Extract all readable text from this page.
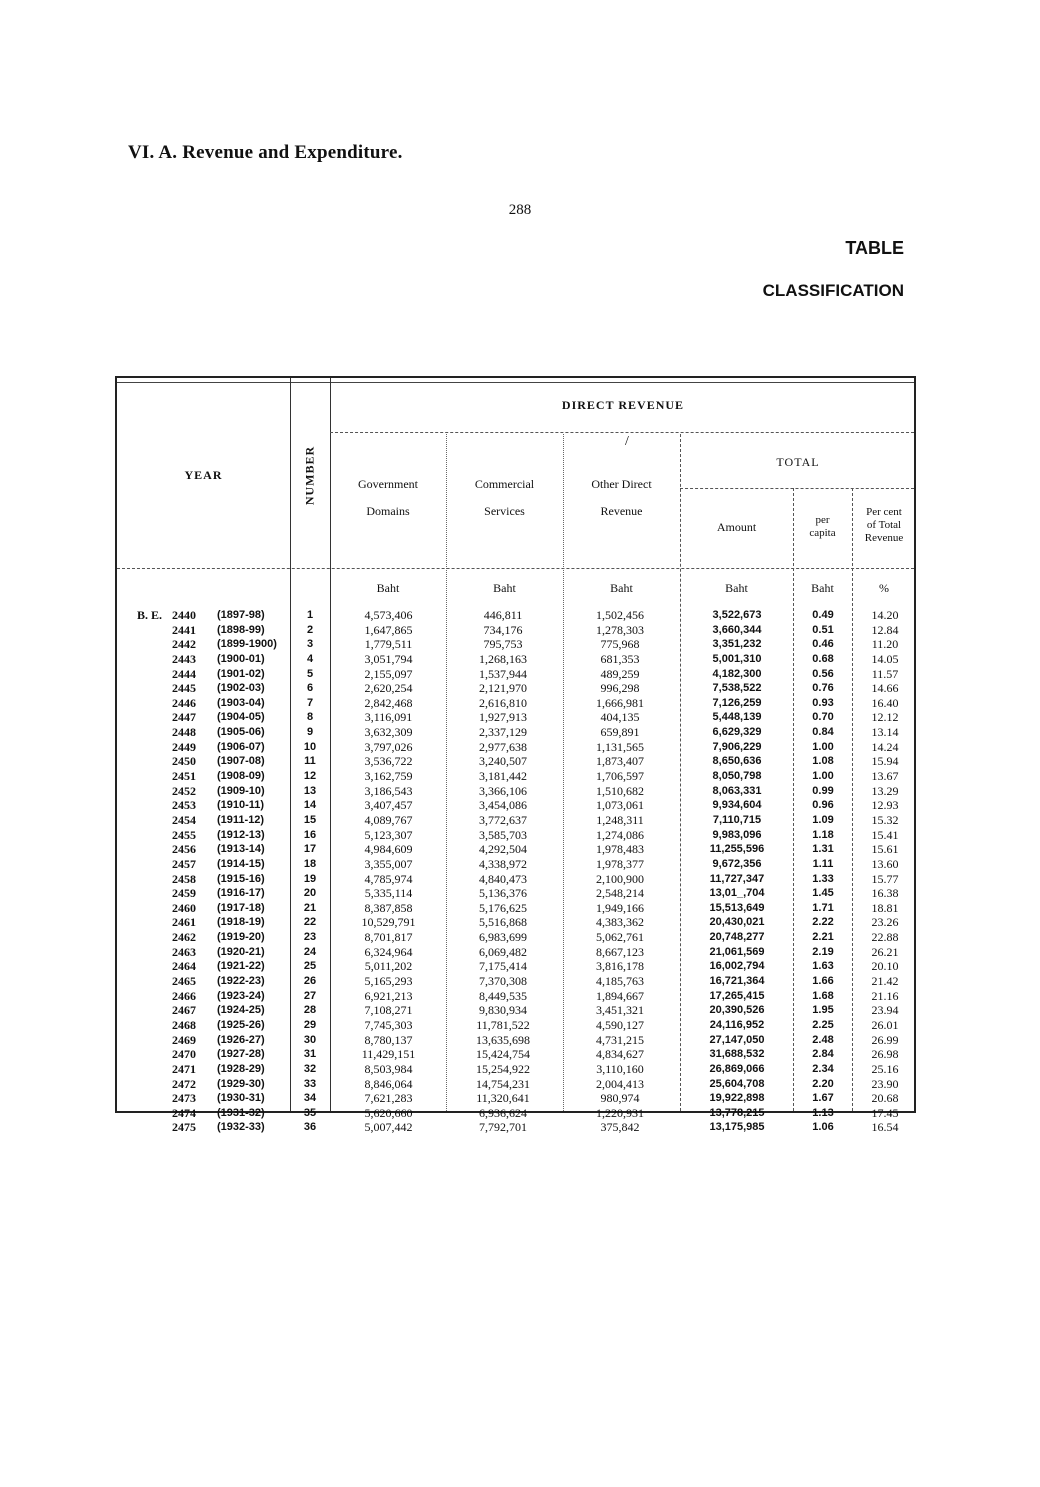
VI. A. Revenue and Expenditure.
288
TABLE
CLASSIFICATION
DIRECT REVENUE
YEAR	NUMBER
/
Government
Domains
Commercial
Services
Other Direct
Revenue
TOTAL
Amount	per
capita
Per cent
of Total
Revenue
Baht	Baht	Baht	Baht	Baht	%
B. E. 2440 (1897-98)	1	4,573,406	446,811	1,502,456	3,522,673	0.49	14.20
2441 (1898-99)	2	1,647,865	734,176	1,278,303	3,660,344	0.51	12.84
2442 (1899-1900)	3	1,779,511	795,753	775,968	3,351,232	0.46	11.20
2443 (1900-01)	4	3,051,794	1,268,163	681,353	5,001,310	0.68	14.05
2444 (1901-02)	5	2,155,097	1,537,944	489,259	4,182,300	0.56	11.57
2445 (1902-03)	6	2,620,254	2,121,970	996,298	7,538,522	0.76	14.66
2446 (1903-04)	7	2,842,468	2,616,810	1,666,981	7,126,259	0.93	16.40
2447 (1904-05)	8	3,116,091	1,927,913	404,135	5,448,139	0.70	12.12
2448 (1905-06)	9	3,632,309	2,337,129	659,891	6,629,329	0.84	13.14
2449 (1906-07)	10	3,797,026	2,977,638	1,131,565	7,906,229	1.00	14.24
2450 (1907-08)	11	3,536,722	3,240,507	1,873,407	8,650,636	1.08	15.94
2451 (1908-09)	12	3,162,759	3,181,442	1,706,597	8,050,798	1.00	13.67
2452 (1909-10)	13	3,186,543	3,366,106	1,510,682	8,063,331	0.99	13.29
2453 (1910-11)	14	3,407,457	3,454,086	1,073,061	9,934,604	0.96	12.93
2454 (1911-12)	15	4,089,767	3,772,637	1,248,311	7,110,715	1.09	15.32
2455 (1912-13)	16	5,123,307	3,585,703	1,274,086	9,983,096	1.18	15.41
2456 (1913-14)	17	4,984,609	4,292,504	1,978,483	11,255,596	1.31	15.61
2457 (1914-15)	18	3,355,007	4,338,972	1,978,377	9,672,356	1.11	13.60
2458 (1915-16)	19	4,785,974	4,840,473	2,100,900	11,727,347	1.33	15.77
2459 (1916-17)	20	5,335,114	5,136,376	2,548,214	13,01_,704	1.45	16.38
2460 (1917-18)	21	8,387,858	5,176,625	1,949,166	15,513,649	1.71	18.81
2461 (1918-19)	22	10,529,791	5,516,868	4,383,362	20,430,021	2.22	23.26
2462 (1919-20)	23	8,701,817	6,983,699	5,062,761	20,748,277	2.21	22.88
2463 (1920-21)	24	6,324,964	6,069,482	8,667,123	21,061,569	2.19	26.21
2464 (1921-22)	25	5,011,202	7,175,414	3,816,178	16,002,794	1.63	20.10
2465 (1922-23)	26	5,165,293	7,370,308	4,185,763	16,721,364	1.66	21.42
2466 (1923-24)	27	6,921,213	8,449,535	1,894,667	17,265,415	1.68	21.16
2467 (1924-25)	28	7,108,271	9,830,934	3,451,321	20,390,526	1.95	23.94
2468 (1925-26)	29	7,745,303	11,781,522	4,590,127	24,116,952	2.25	26.01
2469 (1926-27)	30	8,780,137	13,635,698	4,731,215	27,147,050	2.48	26.99
2470 (1927-28)	31	11,429,151	15,424,754	4,834,627	31,688,532	2.84	26.98
2471 (1928-29)	32	8,503,984	15,254,922	3,110,160	26,869,066	2.34	25.16
2472 (1929-30)	33	8,846,064	14,754,231	2,004,413	25,604,708	2.20	23.90
2473 (1930-31)	34	7,621,283	11,320,641	980,974	19,922,898	1.67	20.68
2474 (1931-32)	35	5,620,660	6,936,624	1,220,931	13,778,215	1.13	17.45
2475 (1932-33)	36	5,007,442	7,792,701	375,842	13,175,985	1.06	16.54
